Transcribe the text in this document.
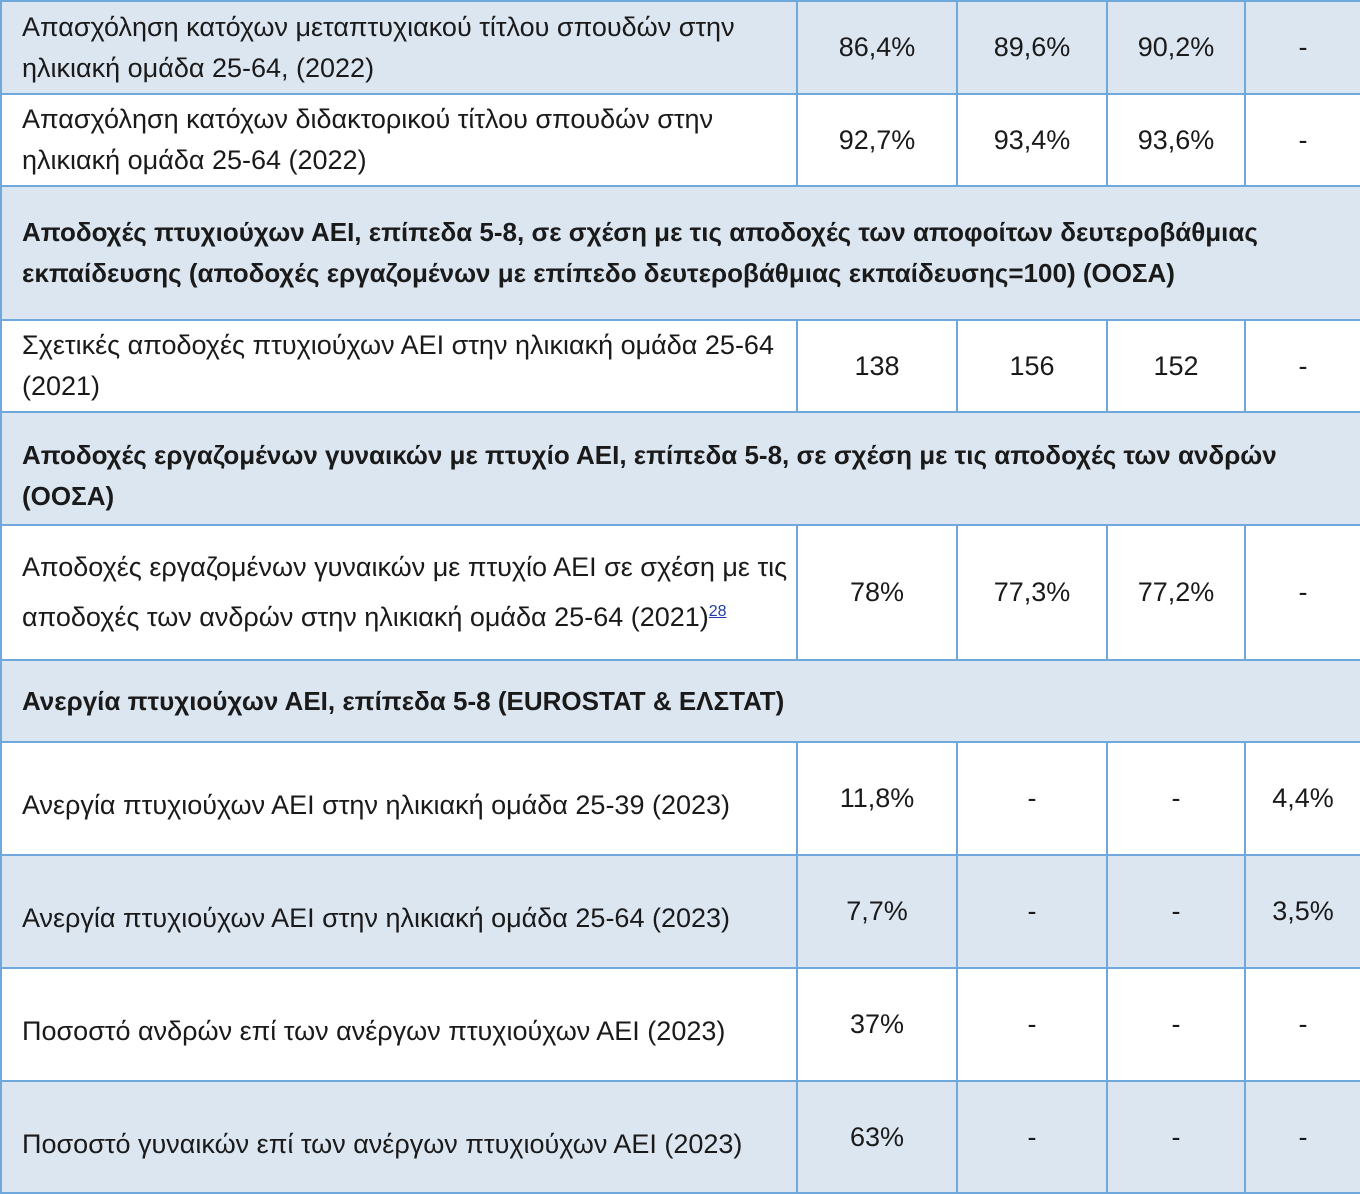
Απασχόληση κατόχων μεταπτυχιακού τίτλου σπουδών στην ηλικιακή ομάδα 25-64, (2022)	86,4%	89,6%	90,2%	-
Απασχόληση κατόχων διδακτορικού τίτλου σπουδών στην ηλικιακή ομάδα 25-64 (2022)	92,7%	93,4%	93,6%	-
Αποδοχές πτυχιούχων ΑΕΙ, επίπεδα 5-8, σε σχέση με τις αποδοχές των αποφοίτων δευτεροβάθμιας εκπαίδευσης (αποδοχές εργαζομένων με επίπεδο δευτεροβάθμιας εκπαίδευσης=100) (ΟΟΣΑ)				
Σχετικές αποδοχές πτυχιούχων ΑΕΙ στην ηλικιακή ομάδα 25-64 (2021)	138	156	152	-
Αποδοχές εργαζομένων γυναικών με πτυχίο ΑΕΙ, επίπεδα 5-8, σε σχέση με τις αποδοχές των ανδρών (ΟΟΣΑ)				
Αποδοχές εργαζομένων γυναικών με πτυχίο ΑΕΙ σε σχέση με τις αποδοχές των ανδρών στην ηλικιακή ομάδα 25-64 (2021)$^{28}$	78%	77,3%	77,2%	-
Ανεργία πτυχιούχων ΑΕΙ, επίπεδα 5-8 (EUROSTAT & ΕΛΣΤΑΤ)				
Ανεργία πτυχιούχων ΑΕΙ στην ηλικιακή ομάδα 25-39 (2023)	11,8%	-	-	4,4%
Ανεργία πτυχιούχων ΑΕΙ στην ηλικιακή ομάδα 25-64 (2023)	7,7%	-	-	3,5%
Ποσοστό ανδρών επί των ανέργων πτυχιούχων ΑΕΙ (2023)	37%	-	-	-
Ποσοστό γυναικών επί των ανέργων πτυχιούχων ΑΕΙ (2023)	63%	-	-	-
